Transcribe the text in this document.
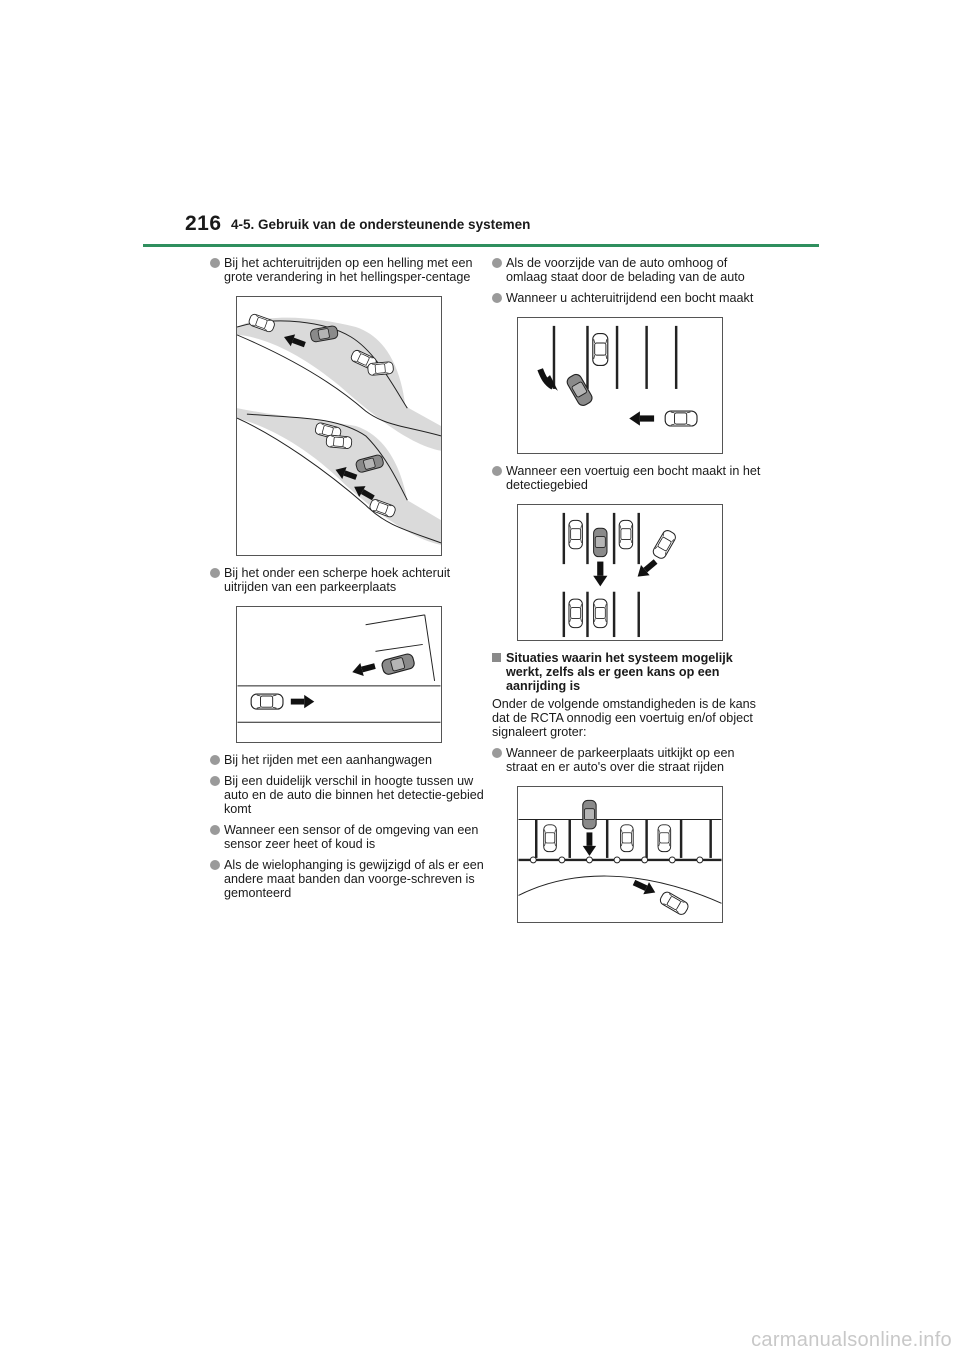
216 4-5. Gebruik van de ondersteunende systemen
Bij het achteruitrijden op een helling met een grote verandering in het hellingsper-centage
Bij het onder een scherpe hoek achteruit uitrijden van een parkeerplaats
Bij het rijden met een aanhangwagen
Bij een duidelijk verschil in hoogte tussen uw auto en de auto die binnen het detectie-gebied komt
Wanneer een sensor of de omgeving van een sensor zeer heet of koud is
Als de wielophanging is gewijzigd of als er een andere maat banden dan voorge-schreven is gemonteerd
Als de voorzijde van de auto omhoog of omlaag staat door de belading van de auto
Wanneer u achteruitrijdend een bocht maakt
Wanneer een voertuig een bocht maakt in het detectiegebied
Situaties waarin het systeem mogelijk werkt, zelfs als er geen kans op een aanrijding is
Onder de volgende omstandigheden is de kans dat de RCTA onnodig een voertuig en/of object signaleert groter:
Wanneer de parkeerplaats uitkijkt op een straat en er auto's over die straat rijden
carmanualsonline.info
